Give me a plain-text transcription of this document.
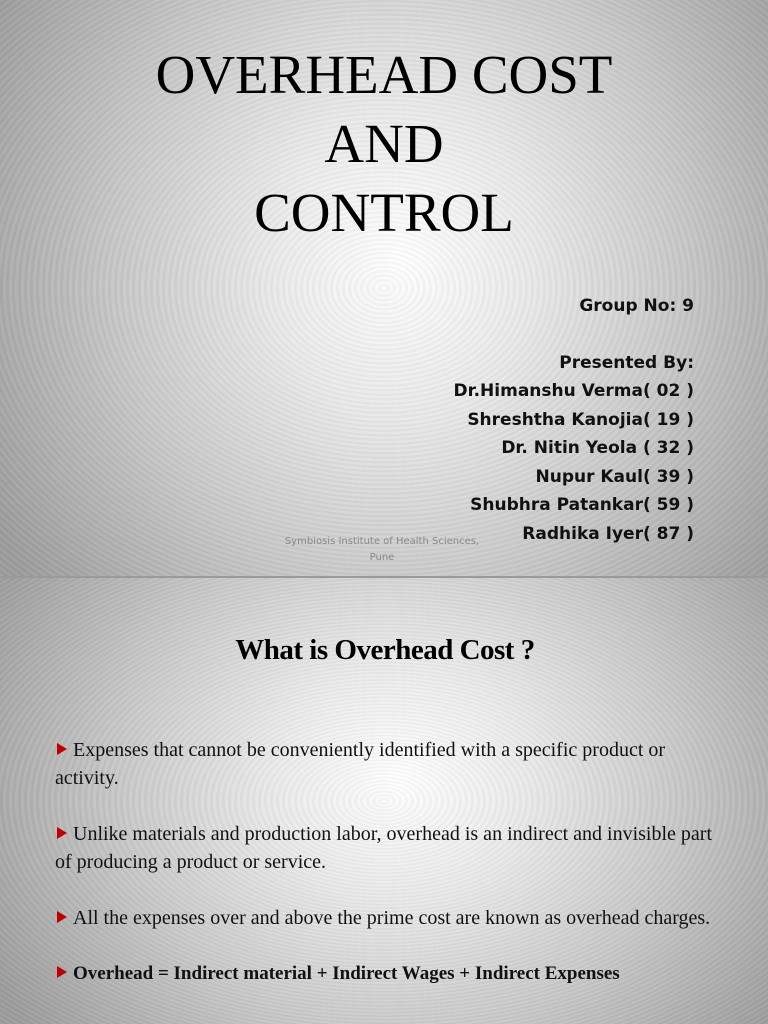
OVERHEAD COST
AND
CONTROL
Group No: 9
Presented By:
Dr.Himanshu Verma( 02 )
Shreshtha Kanojia( 19 )
Dr. Nitin Yeola ( 32 )
Nupur Kaul( 39 )
Shubhra Patankar( 59 )
Radhika Iyer( 87 )
Symbiosis Institute of Health Sciences,
Pune
What is Overhead Cost ?
Expenses that cannot be conveniently identified with a specific product or activity.
Unlike materials and production labor, overhead is an indirect and invisible part of producing a product or service.
All the expenses over and above the prime cost are known as overhead charges.
Overhead = Indirect material + Indirect Wages + Indirect Expenses
